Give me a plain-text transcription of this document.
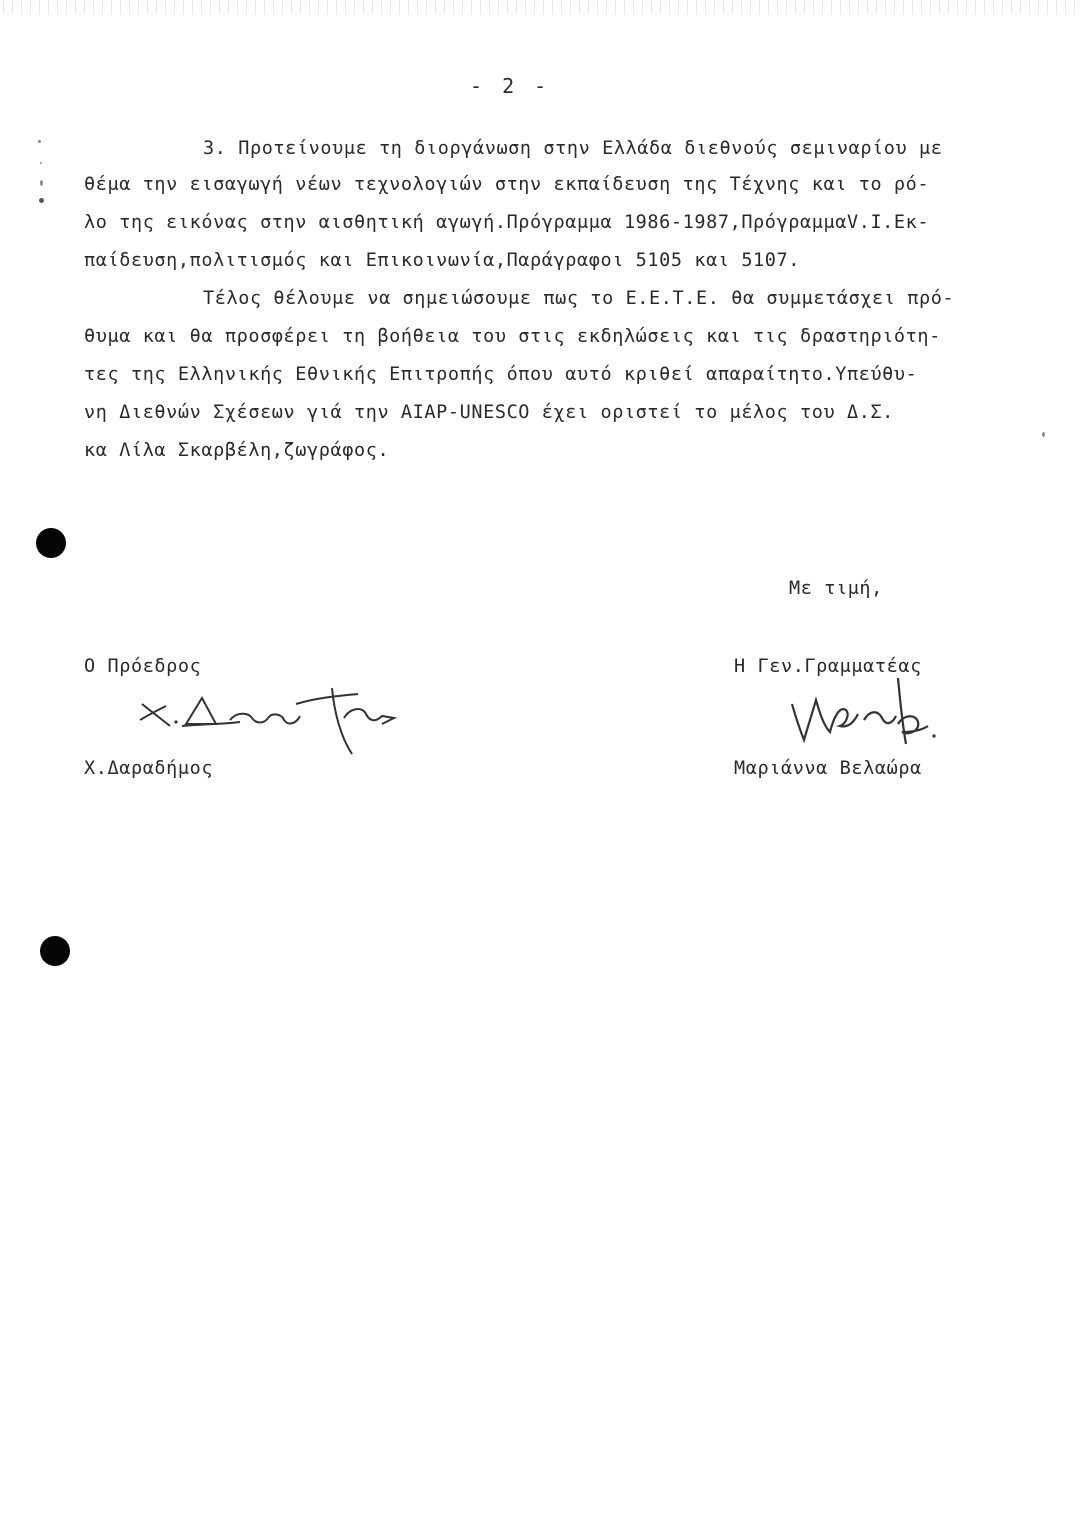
- 2 -
3. Προτείνουμε τη διοργάνωση στην Ελλάδα διεθνούς σεμιναρίου με
θέμα την εισαγωγή νέων τεχνολογιών στην εκπαίδευση της Τέχνης και το ρό-
λο της εικόνας στην αισθητική αγωγή.Πρόγραμμα 1986-1987,ΠρόγραμμαV.I.Εκ-
παίδευση,πολιτισμός και Επικοινωνία,Παράγραφοι 5105 και 5107.
Τέλος θέλουμε να σημειώσουμε πως το Ε.Ε.Τ.Ε. θα συμμετάσχει πρό-
θυμα και θα προσφέρει τη βοήθεια του στις εκδηλώσεις και τις δραστηριότη-
τες της Ελληνικής Εθνικής Επιτροπής όπου αυτό κριθεί απαραίτητο.Υπεύθυ-
νη Διεθνών Σχέσεων γιά την AIAP-UNESCO έχει οριστεί το μέλος του Δ.Σ.
κα Λίλα Σκαρβέλη,ζωγράφος.
Με τιμή,
Ο Πρόεδρος
Χ.Δαραδήμος
Η Γεν.Γραμματέας
Μαριάννα Βελαώρα
